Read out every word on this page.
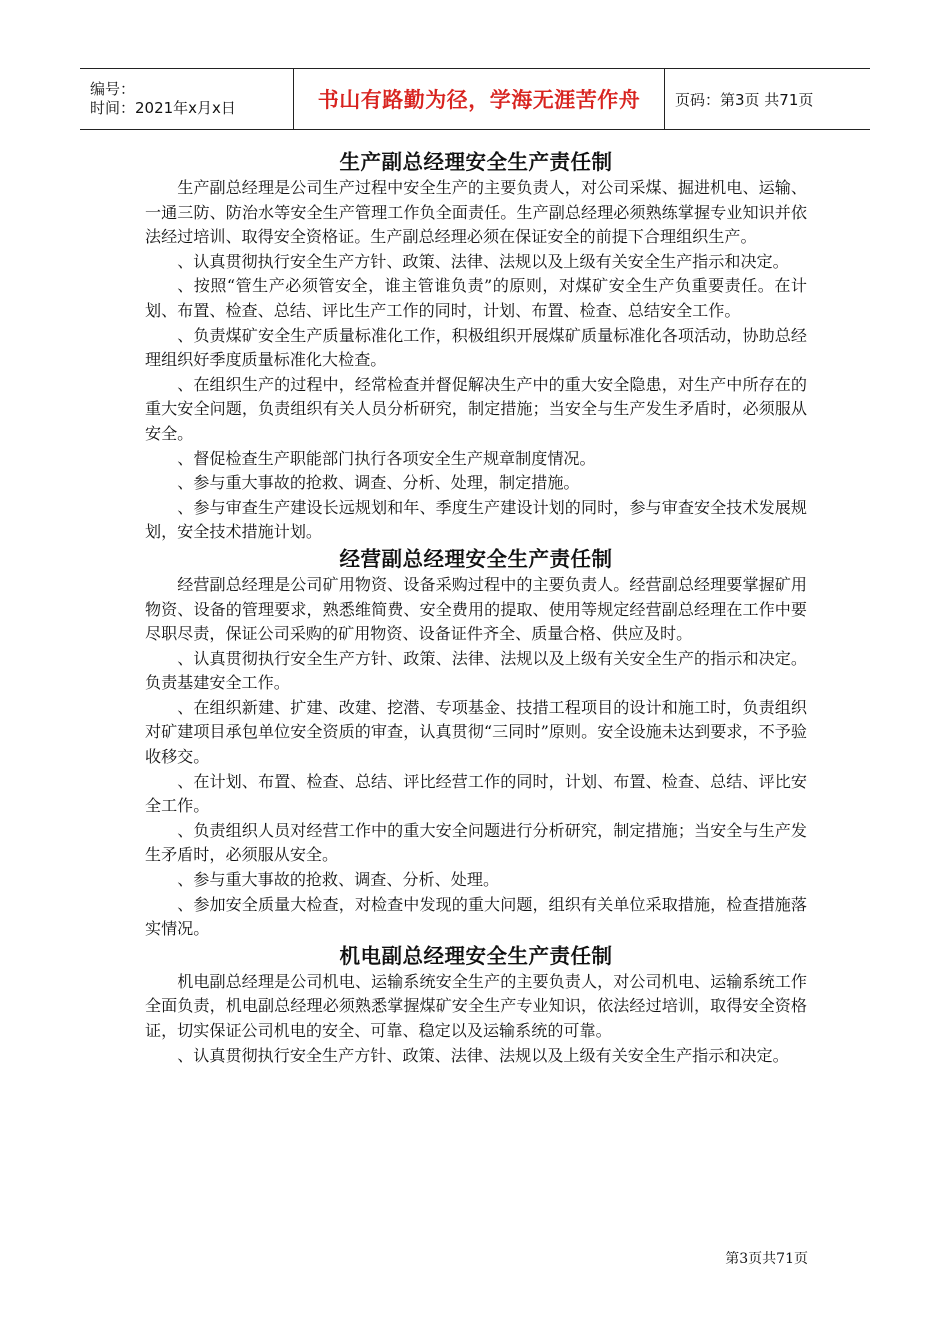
编号：
时间：2021年x月x日	书山有路勤为径，学海无涯苦作舟 页码：第3页 共71页
生产副总经理安全生产责任制

生产副总经理是公司生产过程中安全生产的主要负责人，对公司采煤、掘进机电、运输、一通三防、防治水等安全生产管理工作负全面责任。生产副总经理必须熟练掌握专业知识并依法经过培训、取得安全资格证。生产副总经理必须在保证安全的前提下合理组织生产。

、认真贯彻执行安全生产方针、政策、法律、法规以及上级有关安全生产指示和决定。

、按照“管生产必须管安全，谁主管谁负责”的原则，对煤矿安全生产负重要责任。在计划、布置、检查、总结、评比生产工作的同时，计划、布置、检查、总结安全工作。

、负责煤矿安全生产质量标准化工作，积极组织开展煤矿质量标准化各项活动，协助总经理组织好季度质量标准化大检查。

、在组织生产的过程中，经常检查并督促解决生产中的重大安全隐患，对生产中所存在的重大安全问题，负责组织有关人员分析研究，制定措施；当安全与生产发生矛盾时，必须服从安全。

、督促检查生产职能部门执行各项安全生产规章制度情况。

、参与重大事故的抢救、调查、分析、处理，制定措施。

、参与审查生产建设长远规划和年、季度生产建设计划的同时，参与审查安全技术发展规划，安全技术措施计划。

经营副总经理安全生产责任制

经营副总经理是公司矿用物资、设备采购过程中的主要负责人。经营副总经理要掌握矿用物资、设备的管理要求，熟悉维简费、安全费用的提取、使用等规定经营副总经理在工作中要尽职尽责，保证公司采购的矿用物资、设备证件齐全、质量合格、供应及时。

、认真贯彻执行安全生产方针、政策、法律、法规以及上级有关安全生产的指示和决定。负责基建安全工作。

、在组织新建、扩建、改建、挖潜、专项基金、技措工程项目的设计和施工时，负责组织对矿建项目承包单位安全资质的审查，认真贯彻“三同时”原则。安全设施未达到要求，不予验收移交。

、在计划、布置、检查、总结、评比经营工作的同时，计划、布置、检查、总结、评比安全工作。

、负责组织人员对经营工作中的重大安全问题进行分析研究，制定措施；当安全与生产发生矛盾时，必须服从安全。

、参与重大事故的抢救、调查、分析、处理。

、参加安全质量大检查，对检查中发现的重大问题，组织有关单位采取措施，检查措施落实情况。

机电副总经理安全生产责任制

机电副总经理是公司机电、运输系统安全生产的主要负责人，对公司机电、运输系统工作全面负责，机电副总经理必须熟悉掌握煤矿安全生产专业知识，依法经过培训，取得安全资格证，切实保证公司机电的安全、可靠、稳定以及运输系统的可靠。

、认真贯彻执行安全生产方针、政策、法律、法规以及上级有关安全生产指示和决定。

第3页共71页
